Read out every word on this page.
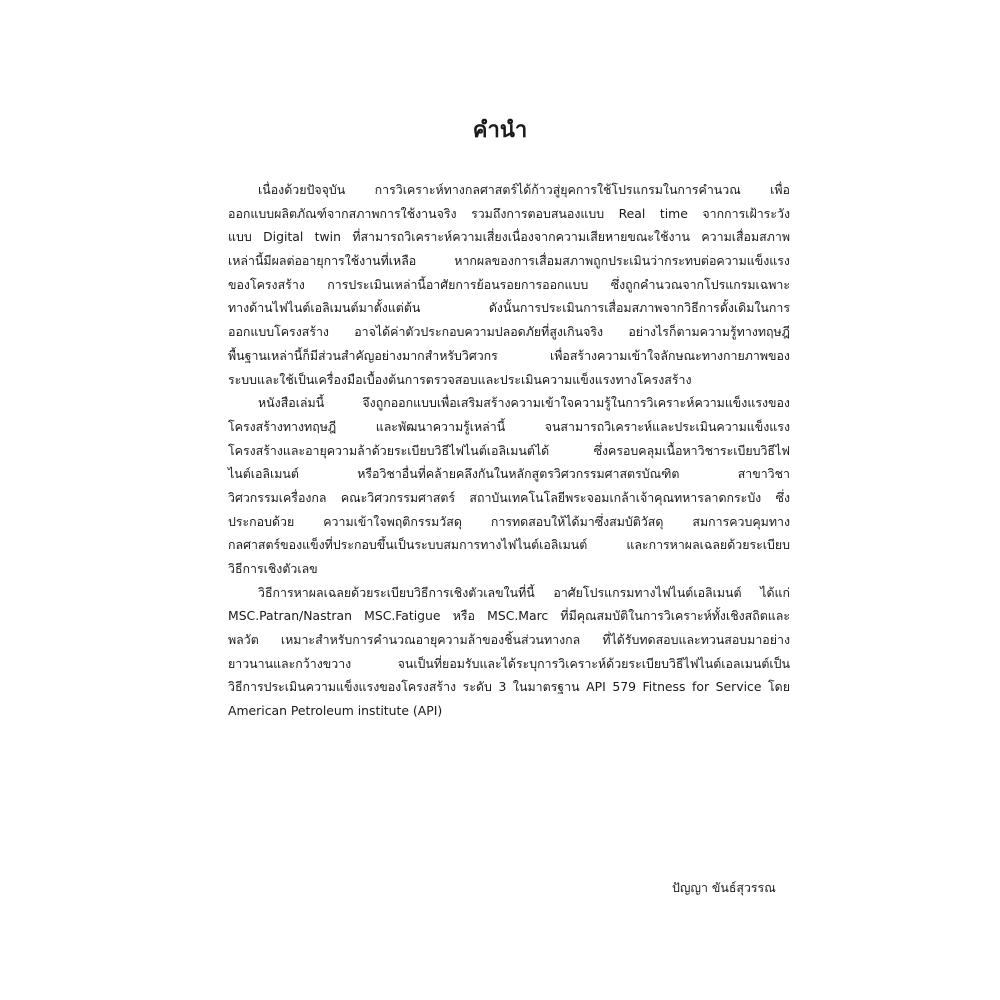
คำนำ
เนื่องด้วยปัจจุบัน การวิเคราะห์ทางกลศาสตร์ได้ก้าวสู่ยุคการใช้โปรแกรมในการคำนวณ เพื่อ
ออกแบบผลิตภัณฑ์จากสภาพการใช้งานจริง รวมถึงการตอบสนองแบบ Real time จากการเฝ้าระวัง
แบบ Digital twin ที่สามารถวิเคราะห์ความเสี่ยงเนื่องจากความเสียหายขณะใช้งาน ความเสื่อมสภาพ
เหล่านี้มีผลต่ออายุการใช้งานที่เหลือ หากผลของการเสื่อมสภาพถูกประเมินว่ากระทบต่อความแข็งแรง
ของโครงสร้าง การประเมินเหล่านี้อาศัยการย้อนรอยการออกแบบ ซึ่งถูกคำนวณจากโปรแกรมเฉพาะ
ทางด้านไฟไนต์เอลิเมนต์มาตั้งแต่ต้น ดังนั้นการประเมินการเสื่อมสภาพจากวิธีการดั้งเดิมในการ
ออกแบบโครงสร้าง อาจได้ค่าตัวประกอบความปลอดภัยที่สูงเกินจริง อย่างไรก็ตามความรู้ทางทฤษฎี
พื้นฐานเหล่านี้ก็มีส่วนสำคัญอย่างมากสำหรับวิศวกร เพื่อสร้างความเข้าใจลักษณะทางกายภาพของ
ระบบและใช้เป็นเครื่องมือเบื้องต้นการตรวจสอบและประเมินความแข็งแรงทางโครงสร้าง
หนังสือเล่มนี้ จึงถูกออกแบบเพื่อเสริมสร้างความเข้าใจความรู้ในการวิเคราะห์ความแข็งแรงของ
โครงสร้างทางทฤษฎี และพัฒนาความรู้เหล่านี้ จนสามารถวิเคราะห์และประเมินความแข็งแรง
โครงสร้างและอายุความล้าด้วยระเบียบวิธีไฟไนต์เอลิเมนต์ได้ ซึ่งครอบคลุมเนื้อหาวิชาระเบียบวิธีไฟ
ไนต์เอลิเมนต์ หรือวิชาอื่นที่คล้ายคลึงกันในหลักสูตรวิศวกรรมศาสตรบัณฑิต สาขาวิชา
วิศวกรรมเครื่องกล คณะวิศวกรรมศาสตร์ สถาบันเทคโนโลยีพระจอมเกล้าเจ้าคุณทหารลาดกระบัง ซึ่ง
ประกอบด้วย ความเข้าใจพฤติกรรมวัสดุ การทดสอบให้ได้มาซึ่งสมบัติวัสดุ สมการควบคุมทาง
กลศาสตร์ของแข็งที่ประกอบขึ้นเป็นระบบสมการทางไฟไนต์เอลิเมนต์ และการหาผลเฉลยด้วยระเบียบ
วิธีการเชิงตัวเลข
วิธีการหาผลเฉลยด้วยระเบียบวิธีการเชิงตัวเลขในที่นี้ อาศัยโปรแกรมทางไฟไนต์เอลิเมนต์ ได้แก่
MSC.Patran/Nastran MSC.Fatigue หรือ MSC.Marc ที่มีคุณสมบัติในการวิเคราะห์ทั้งเชิงสถิตและ
พลวัต เหมาะสำหรับการคำนวณอายุความล้าของชิ้นส่วนทางกล ที่ได้รับทดสอบและทวนสอบมาอย่าง
ยาวนานและกว้างขวาง จนเป็นที่ยอมรับและได้ระบุการวิเคราะห์ด้วยระเบียบวิธีไฟไนต์เอลเมนต์เป็น
วิธีการประเมินความแข็งแรงของโครงสร้าง ระดับ 3 ในมาตรฐาน API 579 Fitness for Service โดย
American Petroleum institute (API)
ปัญญา ขันธ์สุวรรณ
